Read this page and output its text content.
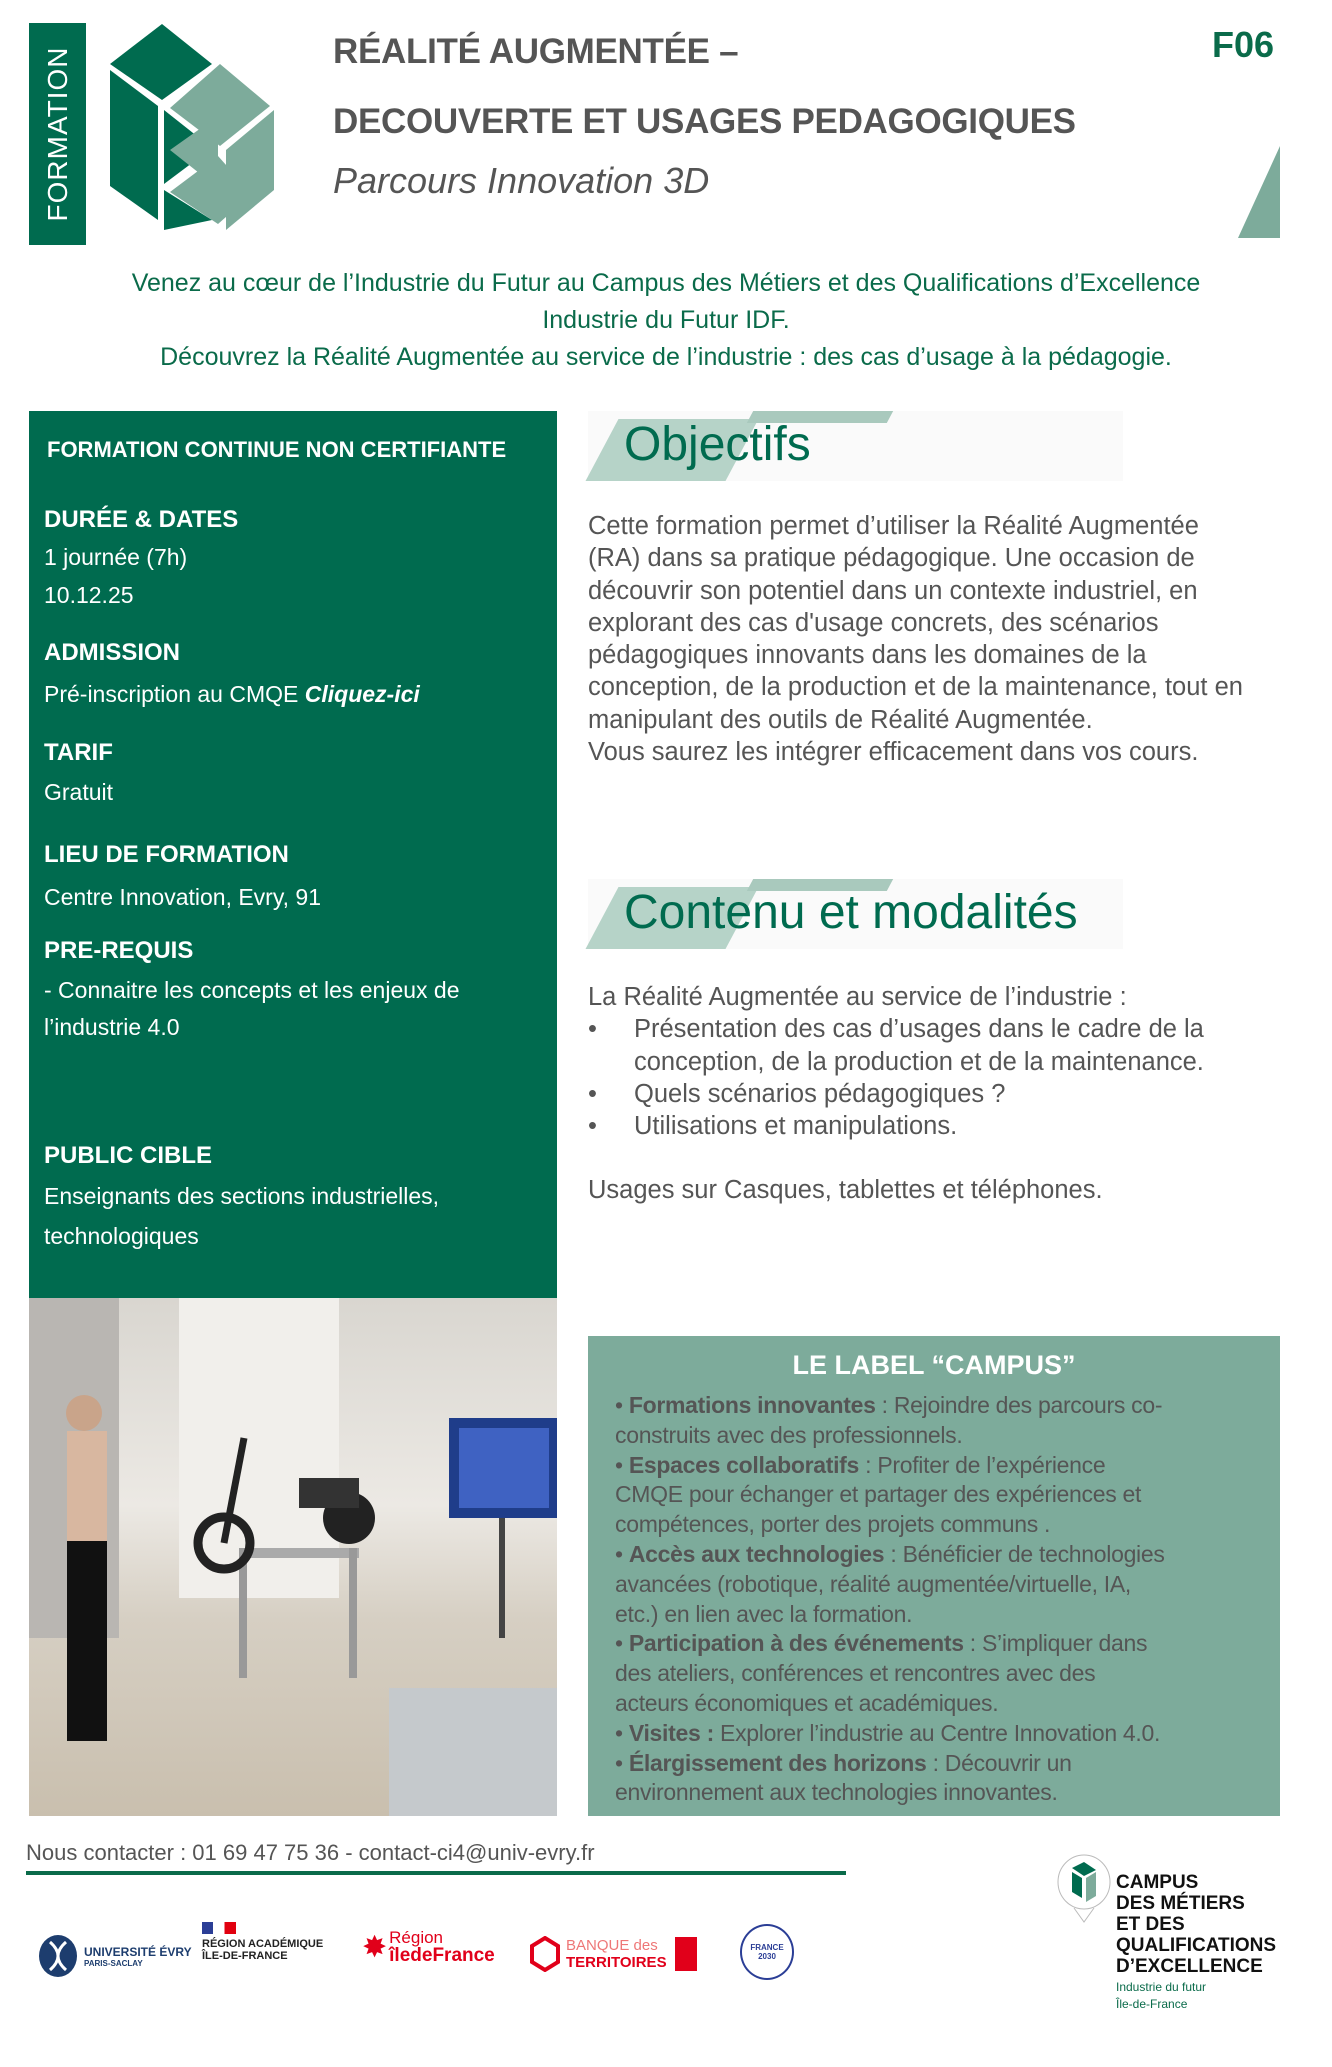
FORMATION	RÉALITÉ AUGMENTÉE –
DECOUVERTE ET USAGES PEDAGOGIQUES
Parcours Innovation 3D
F06
Venez au cœur de l’Industrie du Futur au Campus des Métiers et des Qualifications d’Excellence
Industrie du Futur IDF.
Découvrez la Réalité Augmentée au service de l’industrie : des cas d’usage à la pédagogie.
FORMATION CONTINUE NON CERTIFIANTE
DURÉE & DATES
1 journée (7h)
10.12.25
ADMISSION
Pré-inscription au CMQE Cliquez-ici
TARIF
Gratuit
LIEU DE FORMATION
Centre Innovation, Evry, 91
PRE-REQUIS
- Connaitre les concepts et les enjeux de
l’industrie 4.0
PUBLIC CIBLE
Enseignants des sections industrielles,
technologiques
Objectifs
Cette formation permet d’utiliser la Réalité Augmentée
(RA) dans sa pratique pédagogique. Une occasion de
découvrir son potentiel dans un contexte industriel, en
explorant des cas d'usage concrets, des scénarios
pédagogiques innovants dans les domaines de la
conception, de la production et de la maintenance, tout en
manipulant des outils de Réalité Augmentée.
Vous saurez les intégrer efficacement dans vos cours.
Contenu et modalités
La Réalité Augmentée au service de l’industrie :
• Présentation des cas d’usages dans le cadre de la
conception, de la production et de la maintenance.
• Quels scénarios pédagogiques ?
• Utilisations et manipulations.
Usages sur Casques, tablettes et téléphones.
LE LABEL “CAMPUS”
• Formations innovantes : Rejoindre des parcours co-
construits avec des professionnels.
• Espaces collaboratifs : Profiter de l’expérience
CMQE pour échanger et partager des expériences et
compétences, porter des projets communs .
• Accès aux technologies : Bénéficier de technologies
avancées (robotique, réalité augmentée/virtuelle, IA,
etc.) en lien avec la formation.
• Participation à des événements : S’impliquer dans
des ateliers, conférences et rencontres avec des
acteurs économiques et académiques.
• Visites : Explorer l’industrie au Centre Innovation 4.0.
• Élargissement des horizons : Découvrir un
environnement aux technologies innovantes.
Nous contacter : 01 69 47 75 36 - contact-ci4@univ-evry.fr
UNIVERSITÉ ÉVRY
PARIS-SACLAY
RÉGION ACADÉMIQUE
ÎLE-DE-FRANCE	✸ Région
îledeFrance	BANQUE des
TERRITOIRES
FRANCE 2030
CAMPUS
DES MÉTIERS
ET DES
QUALIFICATIONS
D’EXCELLENCE
Industrie du futur
Île-de-France
